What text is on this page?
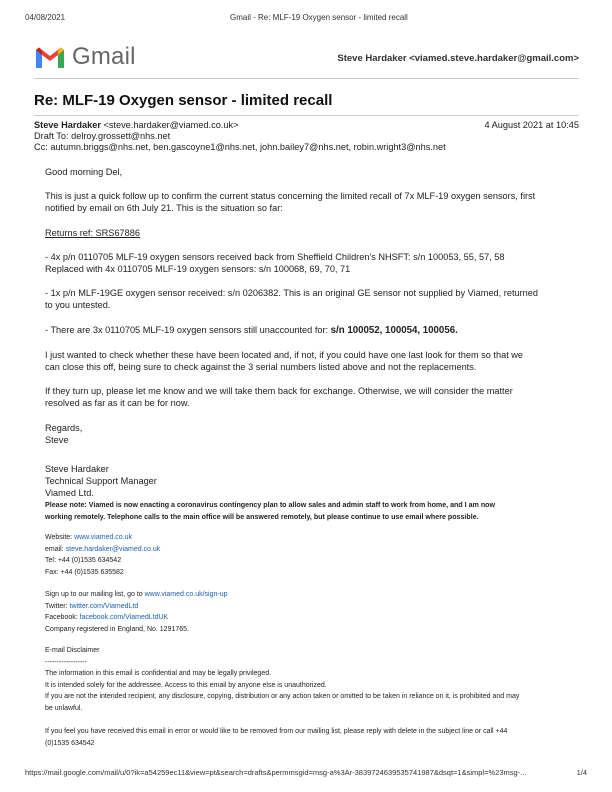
04/08/2021	Gmail - Re: MLF-19 Oxygen sensor - limited recall
Gmail	Steve Hardaker <viamed.steve.hardaker@gmail.com>
Re: MLF-19 Oxygen sensor - limited recall
Steve Hardaker <steve.hardaker@viamed.co.uk>	4 August 2021 at 10:45
Draft To: delroy.grossett@nhs.net
Cc: autumn.briggs@nhs.net, ben.gascoyne1@nhs.net, john.bailey7@nhs.net, robin.wright3@nhs.net

Good morning Del,

This is just a quick follow up to confirm the current status concerning the limited recall of 7x MLF-19 oxygen sensors, first

notified by email on 6th July 21. This is the situation so far:

Returns ref: SRS67886

- 4x p/n 0110705 MLF-19 oxygen sensors received back from Sheffield Children's NHSFT: s/n 100053, 55, 57, 58

Replaced with 4x 0110705 MLF-19 oxygen sensors: s/n 100068, 69, 70, 71

- 1x p/n MLF-19GE oxygen sensor received: s/n 0206382. This is an original GE sensor not supplied by Viamed, returned

to you untested.

- There are 3x 0110705 MLF-19 oxygen sensors still unaccounted for: s/n 100052, 100054, 100056.

I just wanted to check whether these have been located and, if not, if you could have one last look for them so that we

can close this off, being sure to check against the 3 serial numbers listed above and not the replacements.

If they turn up, please let me know and we will take them back for exchange. Otherwise, we will consider the matter

resolved as far as it can be for now.

Regards,

Steve

Steve Hardaker

Technical Support Manager

Viamed Ltd.

Please note: Viamed is now enacting a coronavirus contingency plan to allow sales and admin staff to work from home, and I am now
working remotely. Telephone calls to the main office will be answered remotely, but please continue to use email where possible.
Website: www.viamed.co.uk
email: steve.hardaker@viamed.co.uk
Tel: +44 (0)1535 634542
Fax: +44 (0)1535 635582
Sign up to our mailing list, go to www.viamed.co.uk/sign-up
Twitter: twitter.com/ViamedLtd
Facebook: facebook.com/ViamedLtdUK
Company registered in England, No. 1291765.
E-mail Disclaimer
------------------
The information in this email is confidential and may be legally privileged.
It is intended solely for the addressee. Access to this email by anyone else is unauthorized.
If you are not the intended recipient, any disclosure, copying, distribution or any action taken or omitted to be taken in reliance on it, is prohibited and may
be unlawful.
If you feel you have received this email in error or would like to be removed from our mailing list, please reply with delete in the subject line or call +44
(0)1535 634542
https://mail.google.com/mail/u/0?ik=a54259ec11&view=pt&search=drafts&permmsgid=msg-a%3Ar-3839724639535741987&dsqt=1&simpl=%23msg-...	1/4
